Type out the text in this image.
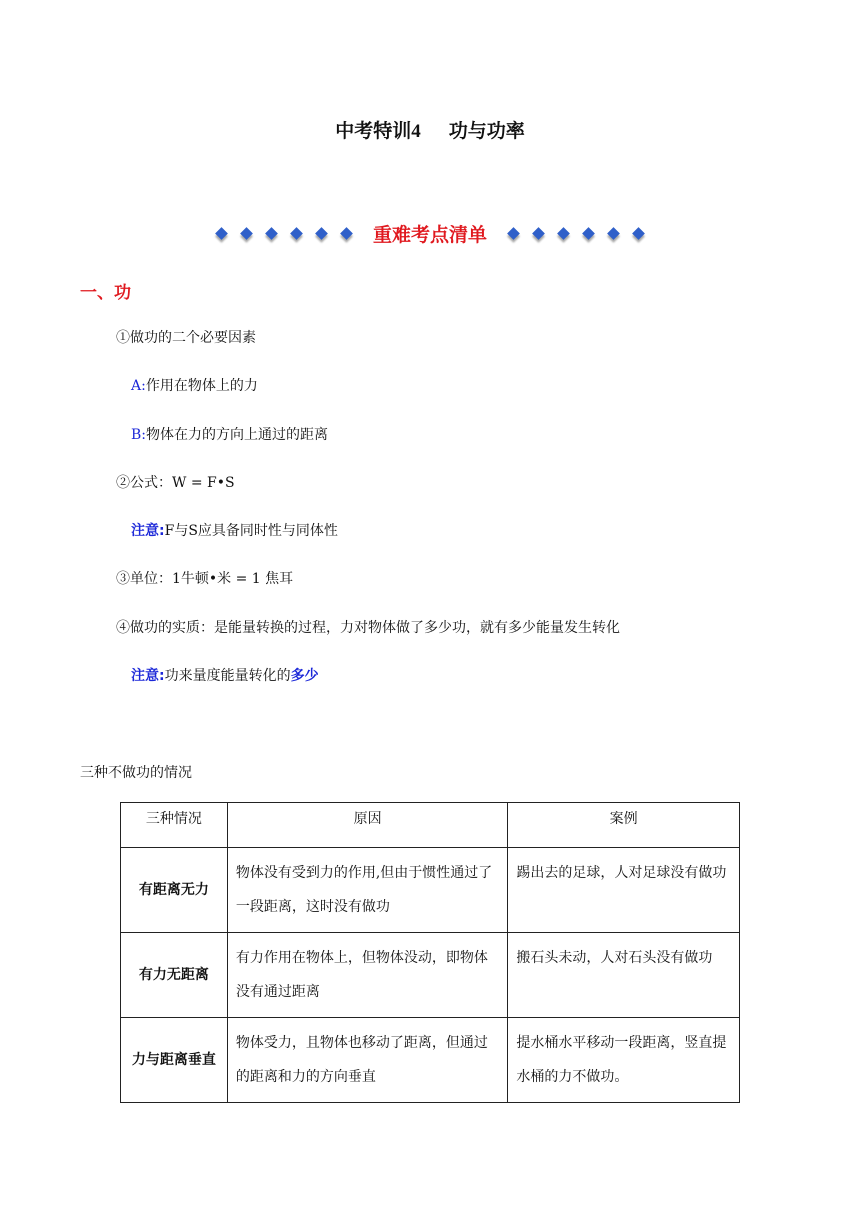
中考特训4 功与功率
重难考点清单
一、功
①做功的二个必要因素
A:作用在物体上的力
B:物体在力的方向上通过的距离
②公式：W = F•S
注意:F与S应具备同时性与同体性
③单位：1牛顿•米 = 1 焦耳
④做功的实质：是能量转换的过程，力对物体做了多少功，就有多少能量发生转化
注意:功来量度能量转化的多少
三种不做功的情况
三种情况	原因	案例
有距离无力	物体没有受到力的作用,但由于惯性通过了一段距离，这时没有做功	踢出去的足球，人对足球没有做功
有力无距离	有力作用在物体上，但物体没动，即物体没有通过距离	搬石头未动，人对石头没有做功
力与距离垂直	物体受力，且物体也移动了距离，但通过的距离和力的方向垂直	提水桶水平移动一段距离，竖直提水桶的力不做功。
